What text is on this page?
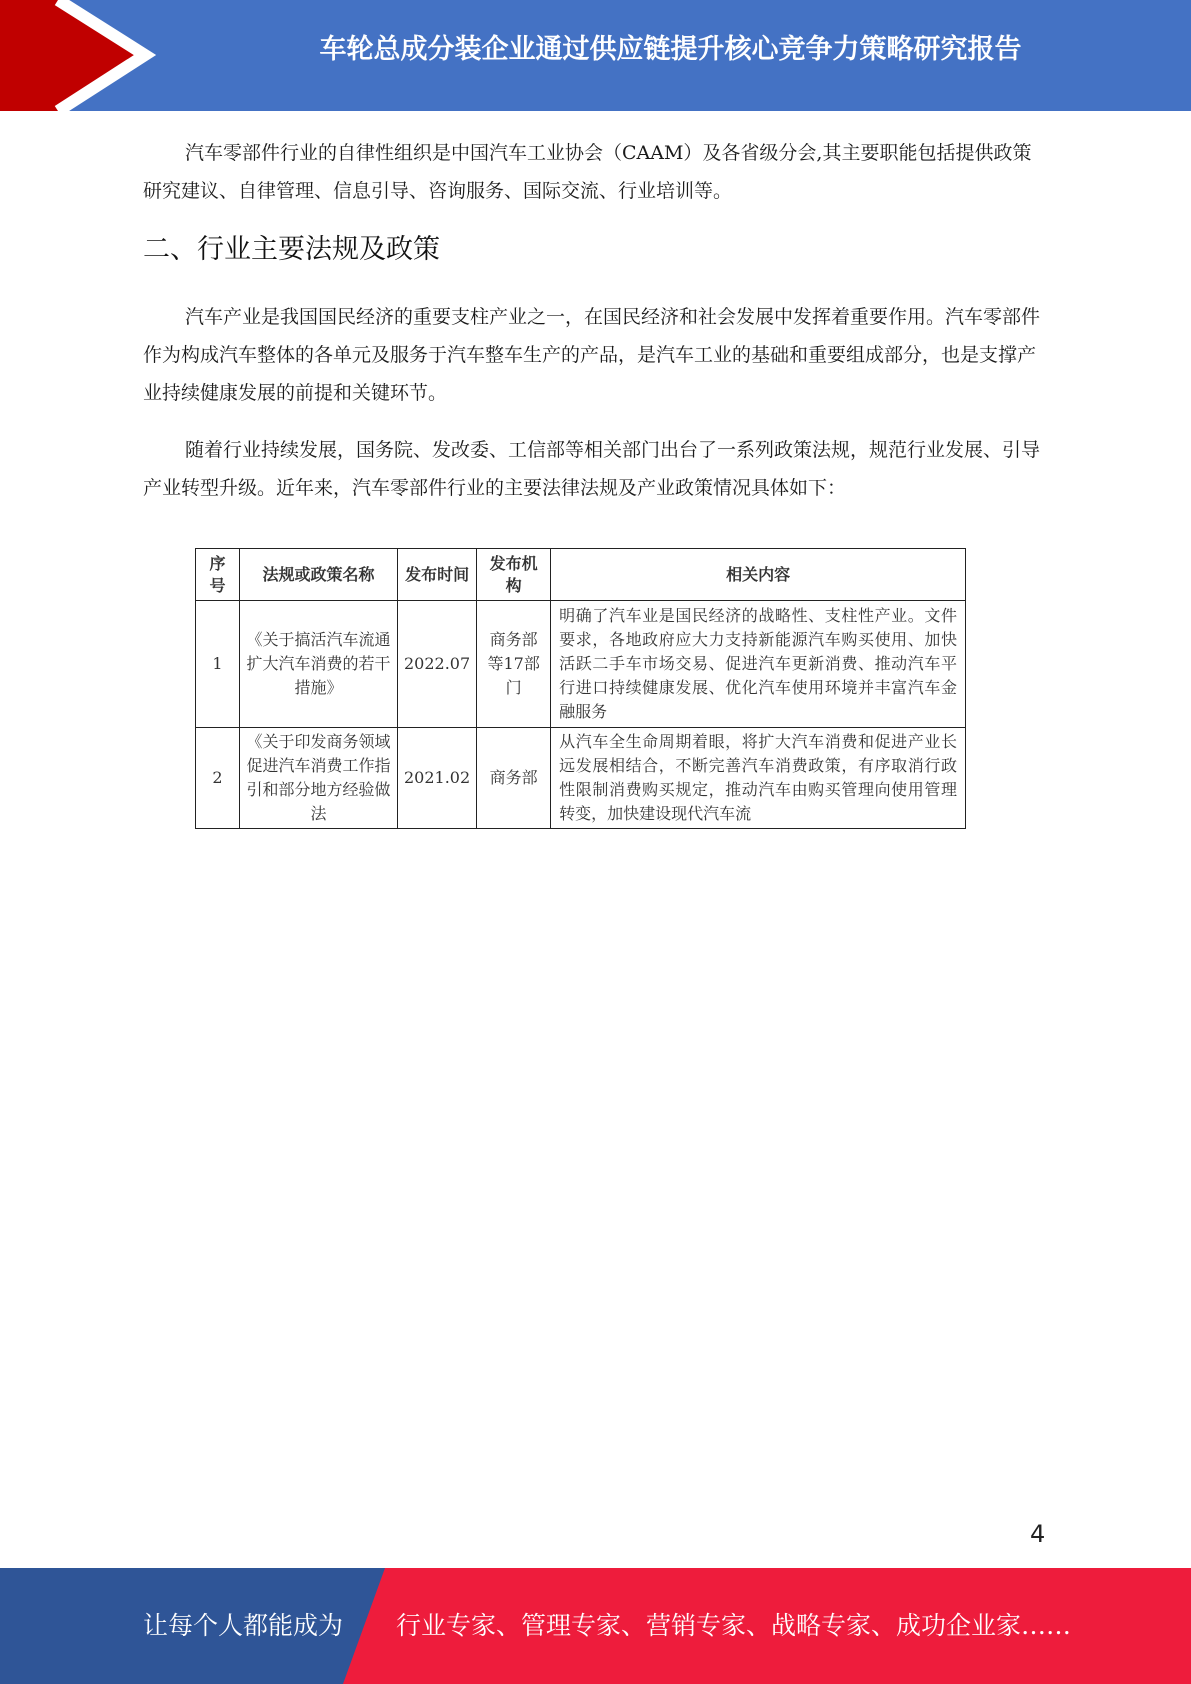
车轮总成分装企业通过供应链提升核心竞争力策略研究报告

汽车零部件行业的自律性组织是中国汽车工业协会（CAAM）及各省级分会,其主要职能包括提供政策研究建议、自律管理、信息引导、咨询服务、国际交流、行业培训等。

二、行业主要法规及政策

汽车产业是我国国民经济的重要支柱产业之一，在国民经济和社会发展中发挥着重要作用。汽车零部件作为构成汽车整体的各单元及服务于汽车整车生产的产品，是汽车工业的基础和重要组成部分，也是支撑产业持续健康发展的前提和关键环节。

随着行业持续发展，国务院、发改委、工信部等相关部门出台了一系列政策法规，规范行业发展、引导产业转型升级。近年来，汽车零部件行业的主要法律法规及产业政策情况具体如下：

序号	法规或政策名称	发布时间	发布机构	相关内容
1	《关于搞活汽车流通扩大汽车消费的若干措施》	2022.07	商务部等17部门	明确了汽车业是国民经济的战略性、支柱性产业。文件要求，各地政府应大力支持新能源汽车购买使用、加快活跃二手车市场交易、促进汽车更新消费、推动汽车平行进口持续健康发展、优化汽车使用环境并丰富汽车金融服务
2	《关于印发商务领域促进汽车消费工作指引和部分地方经验做法	2021.02	商务部	从汽车全生命周期着眼，将扩大汽车消费和促进产业长远发展相结合，不断完善汽车消费政策，有序取消行政性限制消费购买规定，推动汽车由购买管理向使用管理转变，加快建设现代汽车流
4
让每个人都能成为 行业专家、管理专家、营销专家、战略专家、成功企业家……
